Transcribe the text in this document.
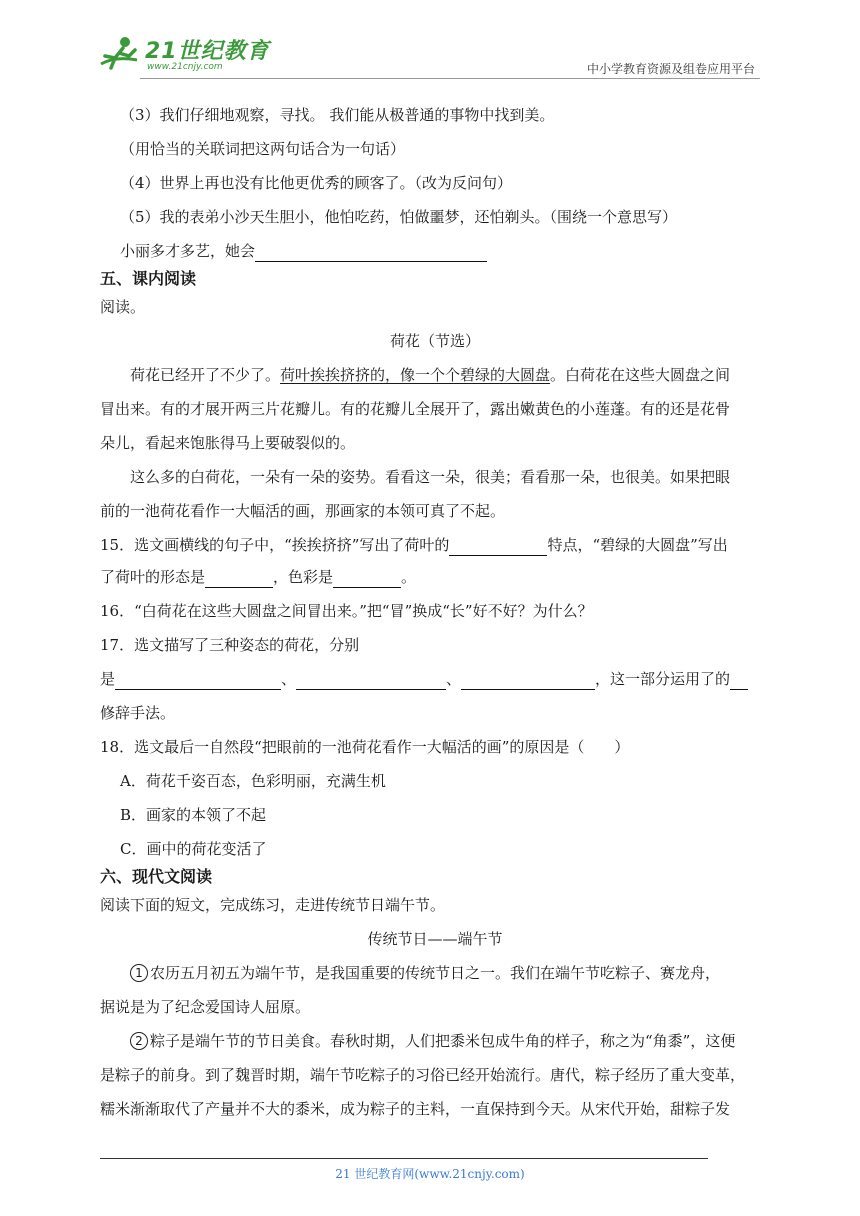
21世纪教育
www.21cnjy.com	中小学教育资源及组卷应用平台
（3）我们仔细地观察，寻找。 我们能从极普通的事物中找到美。
（用恰当的关联词把这两句话合为一句话）
（4）世界上再也没有比他更优秀的顾客了。（改为反问句）
（5）我的表弟小沙天生胆小，他怕吃药，怕做噩梦，还怕剃头。（围绕一个意思写）
小丽多才多艺，她会
五、课内阅读
阅读。
荷花（节选）
荷花已经开了不少了。荷叶挨挨挤挤的，像一个个碧绿的大圆盘。白荷花在这些大圆盘之间
冒出来。有的才展开两三片花瓣儿。有的花瓣儿全展开了，露出嫩黄色的小莲蓬。有的还是花骨
朵儿，看起来饱胀得马上要破裂似的。
这么多的白荷花，一朵有一朵的姿势。看看这一朵，很美；看看那一朵，也很美。如果把眼
前的一池荷花看作一大幅活的画，那画家的本领可真了不起。
15．选文画横线的句子中，“挨挨挤挤”写出了荷叶的	特点，“碧绿的大圆盘”写出
了荷叶的形态是	，色彩是	。
16．“白荷花在这些大圆盘之间冒出来。”把“冒”换成“长”好不好？为什么？
17．选文描写了三种姿态的荷花，分别
是	、	、	，这一部分运用了的
修辞手法。
18．选文最后一自然段“把眼前的一池荷花看作一大幅活的画”的原因是（　　）
A．荷花千姿百态，色彩明丽，充满生机
B．画家的本领了不起
C．画中的荷花变活了
六、现代文阅读
阅读下面的短文，完成练习，走进传统节日端午节。
传统节日——端午节
1 农历五月初五为端午节，是我国重要的传统节日之一。我们在端午节吃粽子、赛龙舟，
据说是为了纪念爱国诗人屈原。
2 粽子是端午节的节日美食。春秋时期，人们把黍米包成牛角的样子，称之为“角黍”，这便
是粽子的前身。到了魏晋时期，端午节吃粽子的习俗已经开始流行。唐代，粽子经历了重大变革，
糯米渐渐取代了产量并不大的黍米，成为粽子的主料，一直保持到今天。从宋代开始，甜粽子发
21 世纪教育网(www.21cnjy.com)
